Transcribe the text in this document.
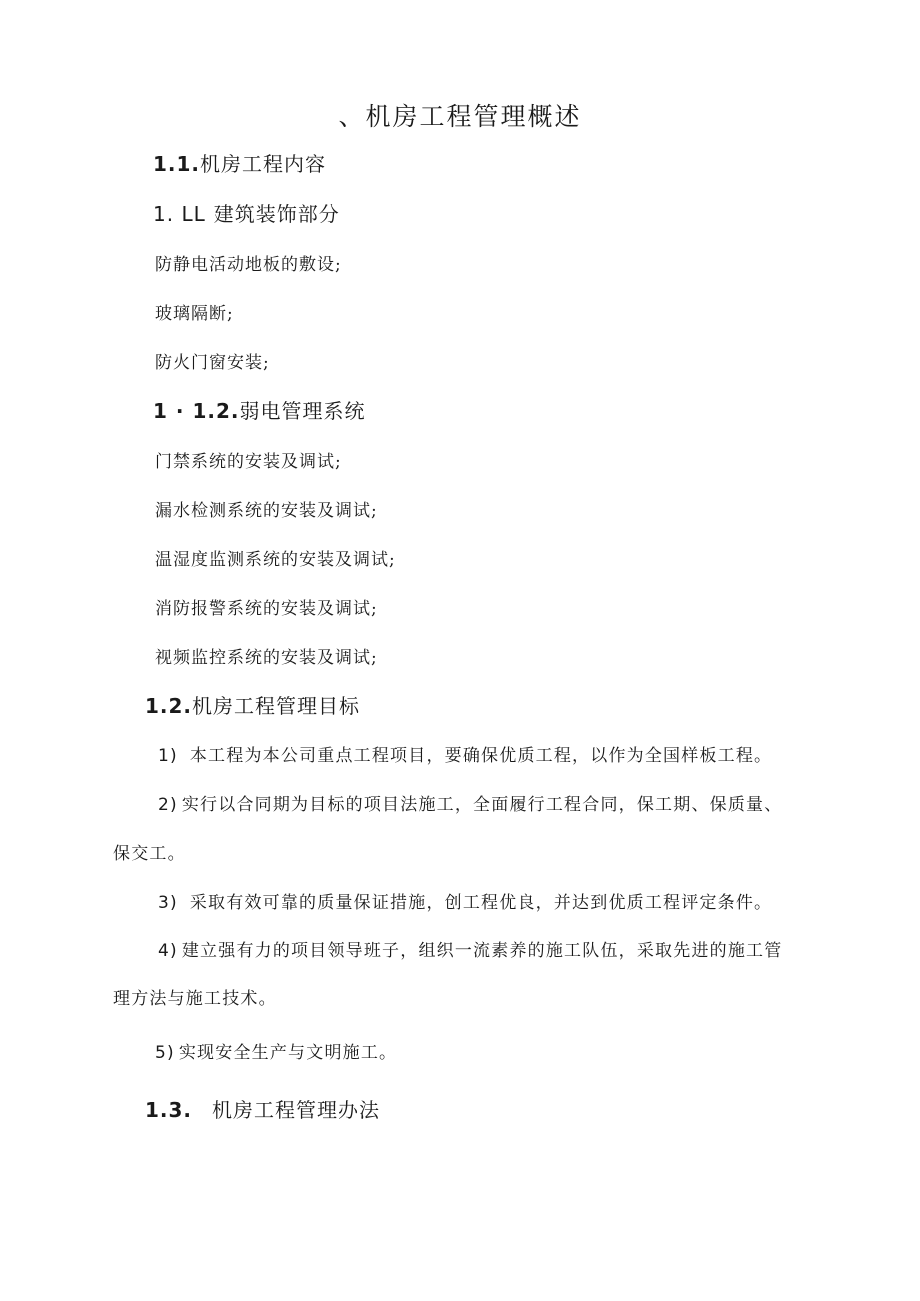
、机房工程管理概述
1.1.机房工程内容
1. LL 建筑装饰部分
防静电活动地板的敷设;
玻璃隔断;
防火门窗安装;
1 · 1.2.弱电管理系统
门禁系统的安装及调试;
漏水检测系统的安装及调试;
温湿度监测系统的安装及调试;
消防报警系统的安装及调试;
视频监控系统的安装及调试;
1.2.机房工程管理目标
1) 本工程为本公司重点工程项目，要确保优质工程，以作为全国样板工程。
2) 实行以合同期为目标的项目法施工，全面履行工程合同，保工期、保质量、
保交工。
3) 采取有效可靠的质量保证措施，创工程优良，并达到优质工程评定条件。
4) 建立强有力的项目领导班子，组织一流素养的施工队伍，采取先进的施工管
理方法与施工技术。
5) 实现安全生产与文明施工。
1.3. 机房工程管理办法
